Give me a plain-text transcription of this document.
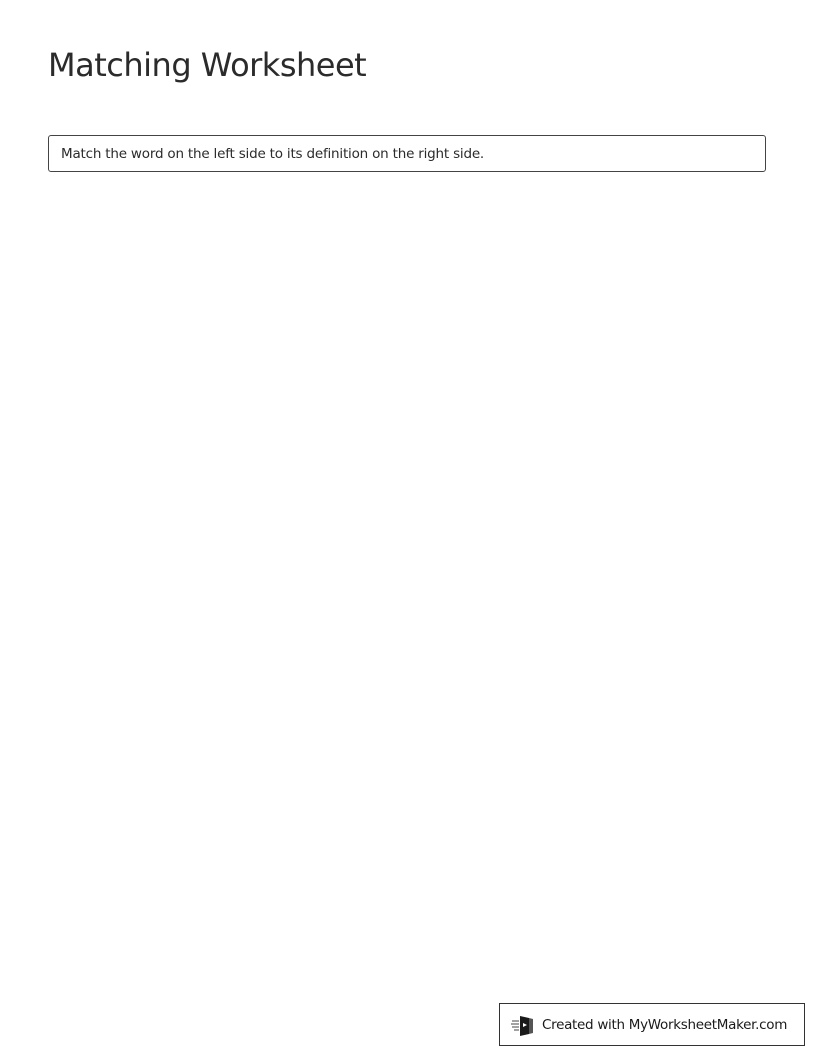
Matching Worksheet
Match the word on the left side to its definition on the right side.
Created with MyWorksheetMaker.com
